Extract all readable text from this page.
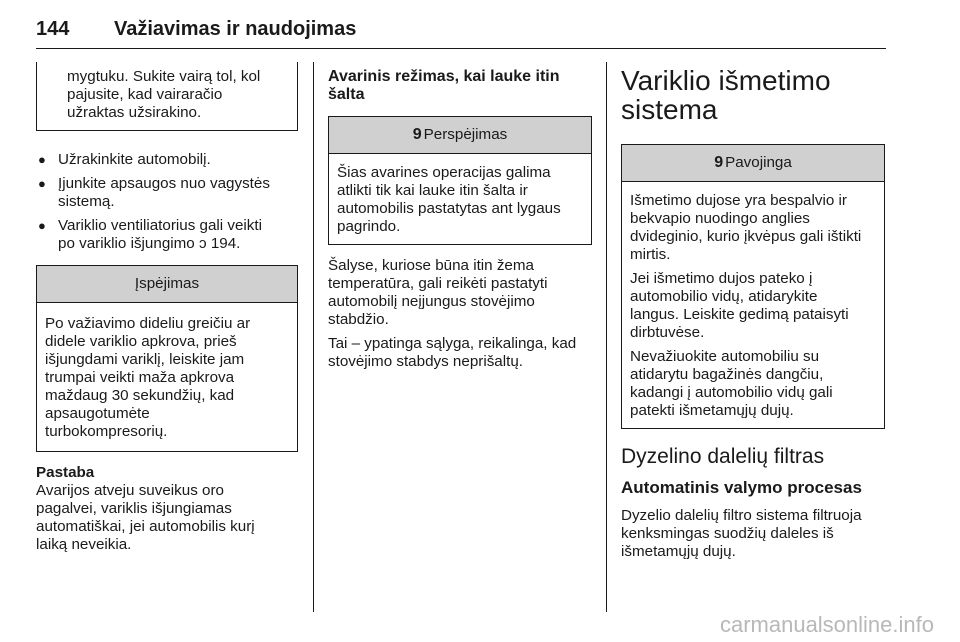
144 Važiavimas ir naudojimas

mygtuku. Sukite vairą tol, kol
pajusite, kad vairaračio
užraktas užsirakino.

● Užrakinkite automobilį.
● Įjunkite apsaugos nuo vagystės
sistemą.
● Variklio ventiliatorius gali veikti
po variklio išjungimo ↄ 194.
Įspėjimas
Po važiavimo dideliu greičiu ar
didele variklio apkrova, prieš
išjungdami variklį, leiskite jam
trumpai veikti maža apkrova
maždaug 30 sekundžių, kad
apsaugotumėte
turbokompresorių.
Pastaba

Avarijos atveju suveikus oro
pagalvei, variklis išjungiamas
automatiškai, jei automobilis kurį
laiką neveikia.

Avarinis režimas, kai lauke itin
šalta
9 Perspėjimas
Šias avarines operacijas galima
atlikti tik kai lauke itin šalta ir
automobilis pastatytas ant lygaus
pagrindo.

Šalyse, kuriose būna itin žema
temperatūra, gali reikėti pastatyti
automobilį neįjungus stovėjimo
stabdžio.

Tai – ypatinga sąlyga, reikalinga, kad
stovėjimo stabdys neprišaltų.

Variklio išmetimo
sistema
9 Pavojinga

Išmetimo dujose yra bespalvio ir
bekvapio nuodingo anglies
dvideginio, kurio įkvėpus gali ištikti
mirtis.

Jei išmetimo dujos pateko į
automobilio vidų, atidarykite
langus. Leiskite gedimą pataisyti
dirbtuvėse.

Nevažiuokite automobiliu su
atidarytu bagažinės dangčiu,
kadangi į automobilio vidų gali
patekti išmetamųjų dujų.

Dyzelino dalelių filtras
Automatinis valymo procesas

Dyzelio dalelių filtro sistema filtruoja
kenksmingas suodžių daleles iš
išmetamųjų dujų.

carmanualsonline.info
